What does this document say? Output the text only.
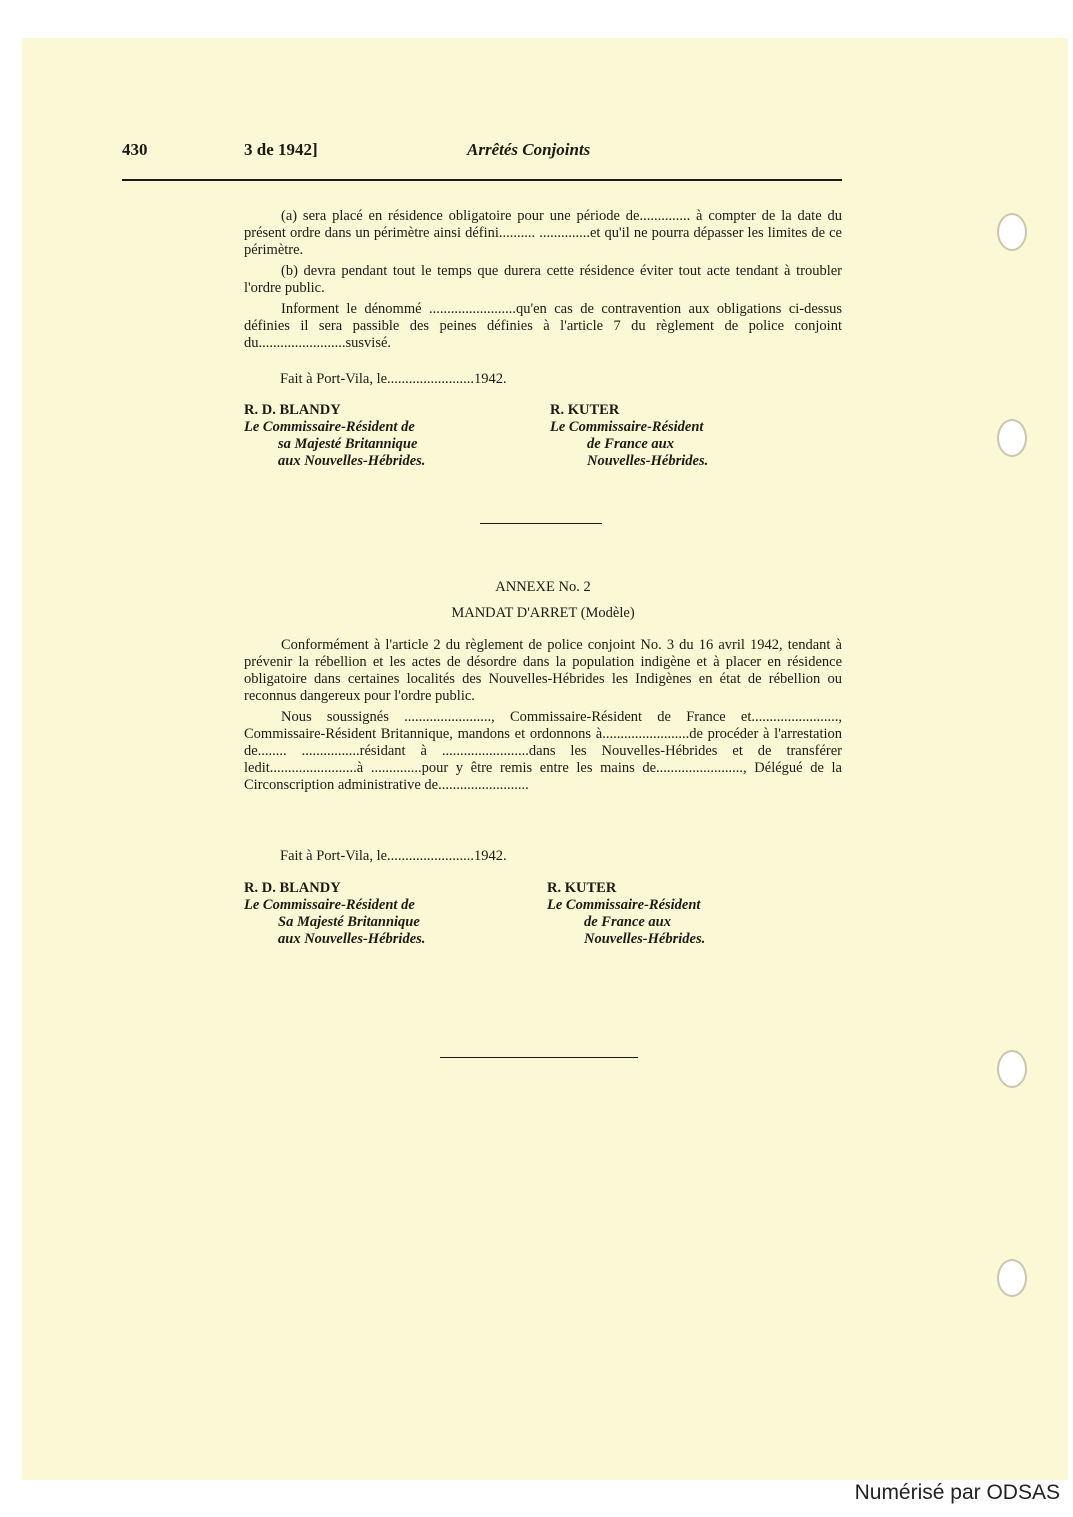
430	3 de 1942]	Arrêtés Conjoints

(a) sera placé en résidence obligatoire pour une période de.............. à compter de la date du présent ordre dans un périmètre ainsi défini.......... ..............et qu'il ne pourra dépasser les limites de ce périmètre.

(b) devra pendant tout le temps que durera cette résidence éviter tout acte tendant à troubler l'ordre public.

Informent le dénommé ........................qu'en cas de contravention aux obligations ci-dessus définies il sera passible des peines définies à l'article 7 du règlement de police conjoint du........................susvisé.

Fait à Port-Vila, le........................1942.
R. D. BLANDY
Le Commissaire-Résident de
sa Majesté Britannique
aux Nouvelles-Hébrides.
R. KUTER
Le Commissaire-Résident
de France aux
Nouvelles-Hébrides.
ANNEXE No. 2
MANDAT D'ARRET (Modèle)

Conformément à l'article 2 du règlement de police conjoint No. 3 du 16 avril 1942, tendant à prévenir la rébellion et les actes de désordre dans la population indigène et à placer en résidence obligatoire dans certaines localités des Nouvelles-Hébrides les Indigènes en état de rébellion ou reconnus dangereux pour l'ordre public.

Nous soussignés ........................, Commissaire-Résident de France et........................, Commissaire-Résident Britannique, mandons et ordonnons à........................de procéder à l'arrestation de........ ................résidant à ........................dans les Nouvelles-Hébrides et de transférer ledit........................à ..............pour y être remis entre les mains de........................, Délégué de la Circonscription administrative de.........................

Fait à Port-Vila, le........................1942.
R. D. BLANDY
Le Commissaire-Résident de
Sa Majesté Britannique
aux Nouvelles-Hébrides.
R. KUTER
Le Commissaire-Résident
de France aux
Nouvelles-Hébrides.
Numérisé par ODSAS
